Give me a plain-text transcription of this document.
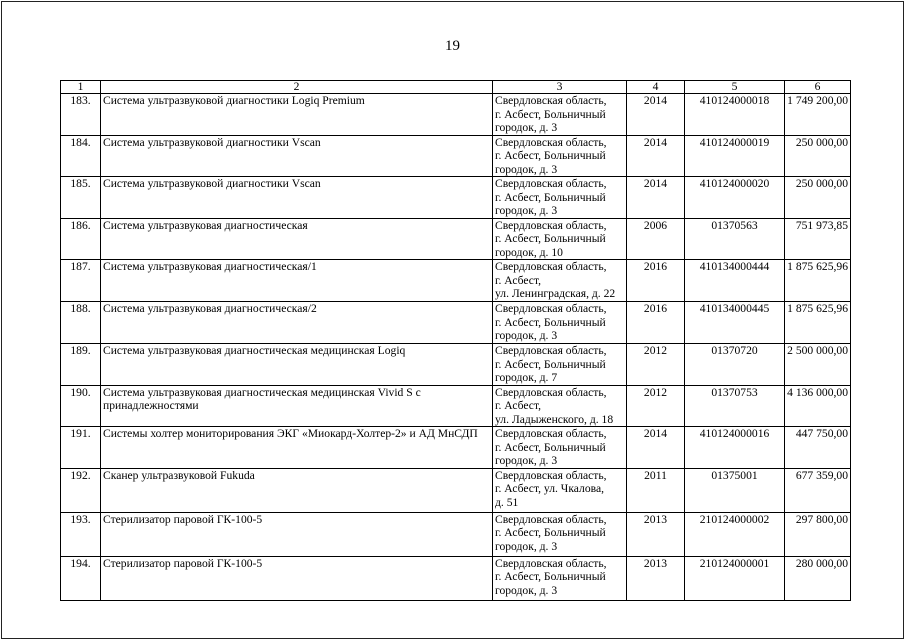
19
1	2	3	4	5	6
183.	Система ультразвуковой диагностики Logiq Premium	Свердловская область,
г. Асбест, Больничный
городок, д. 3	2014	410124000018	1 749 200,00
184.	Система ультразвуковой диагностики Vscan	Свердловская область,
г. Асбест, Больничный
городок, д. 3	2014	410124000019	250 000,00
185.	Система ультразвуковой диагностики Vscan	Свердловская область,
г. Асбест, Больничный
городок, д. 3	2014	410124000020	250 000,00
186.	Система ультразвуковая диагностическая	Свердловская область,
г. Асбест, Больничный
городок, д. 10	2006	01370563	751 973,85
187.	Система ультразвуковая диагностическая/1	Свердловская область,
г. Асбест,
ул. Ленинградская, д. 22	2016	410134000444	1 875 625,96
188.	Система ультразвуковая диагностическая/2	Свердловская область,
г. Асбест, Больничный
городок, д. 3	2016	410134000445	1 875 625,96
189.	Система ультразвуковая диагностическая медицинская Logiq	Свердловская область,
г. Асбест, Больничный
городок, д. 7	2012	01370720	2 500 000,00
190.	Система ультразвуковая диагностическая медицинская Vivid S с принадлежностями	Свердловская область,
г. Асбест,
ул. Ладыженского, д. 18	2012	01370753	4 136 000,00
191.	Системы холтер мониторирования ЭКГ «Миокард-Холтер-2» и АД МнСДП	Свердловская область,
г. Асбест, Больничный
городок, д. 3	2014	410124000016	447 750,00
192.	Сканер ультразвуковой Fukuda	Свердловская область,
г. Асбест, ул. Чкалова,
д. 51	2011	01375001	677 359,00
193.	Стерилизатор паровой ГК-100-5	Свердловская область,
г. Асбест, Больничный
городок, д. 3	2013	210124000002	297 800,00
194.	Стерилизатор паровой ГК-100-5	Свердловская область,
г. Асбест, Больничный
городок, д. 3	2013	210124000001	280 000,00
